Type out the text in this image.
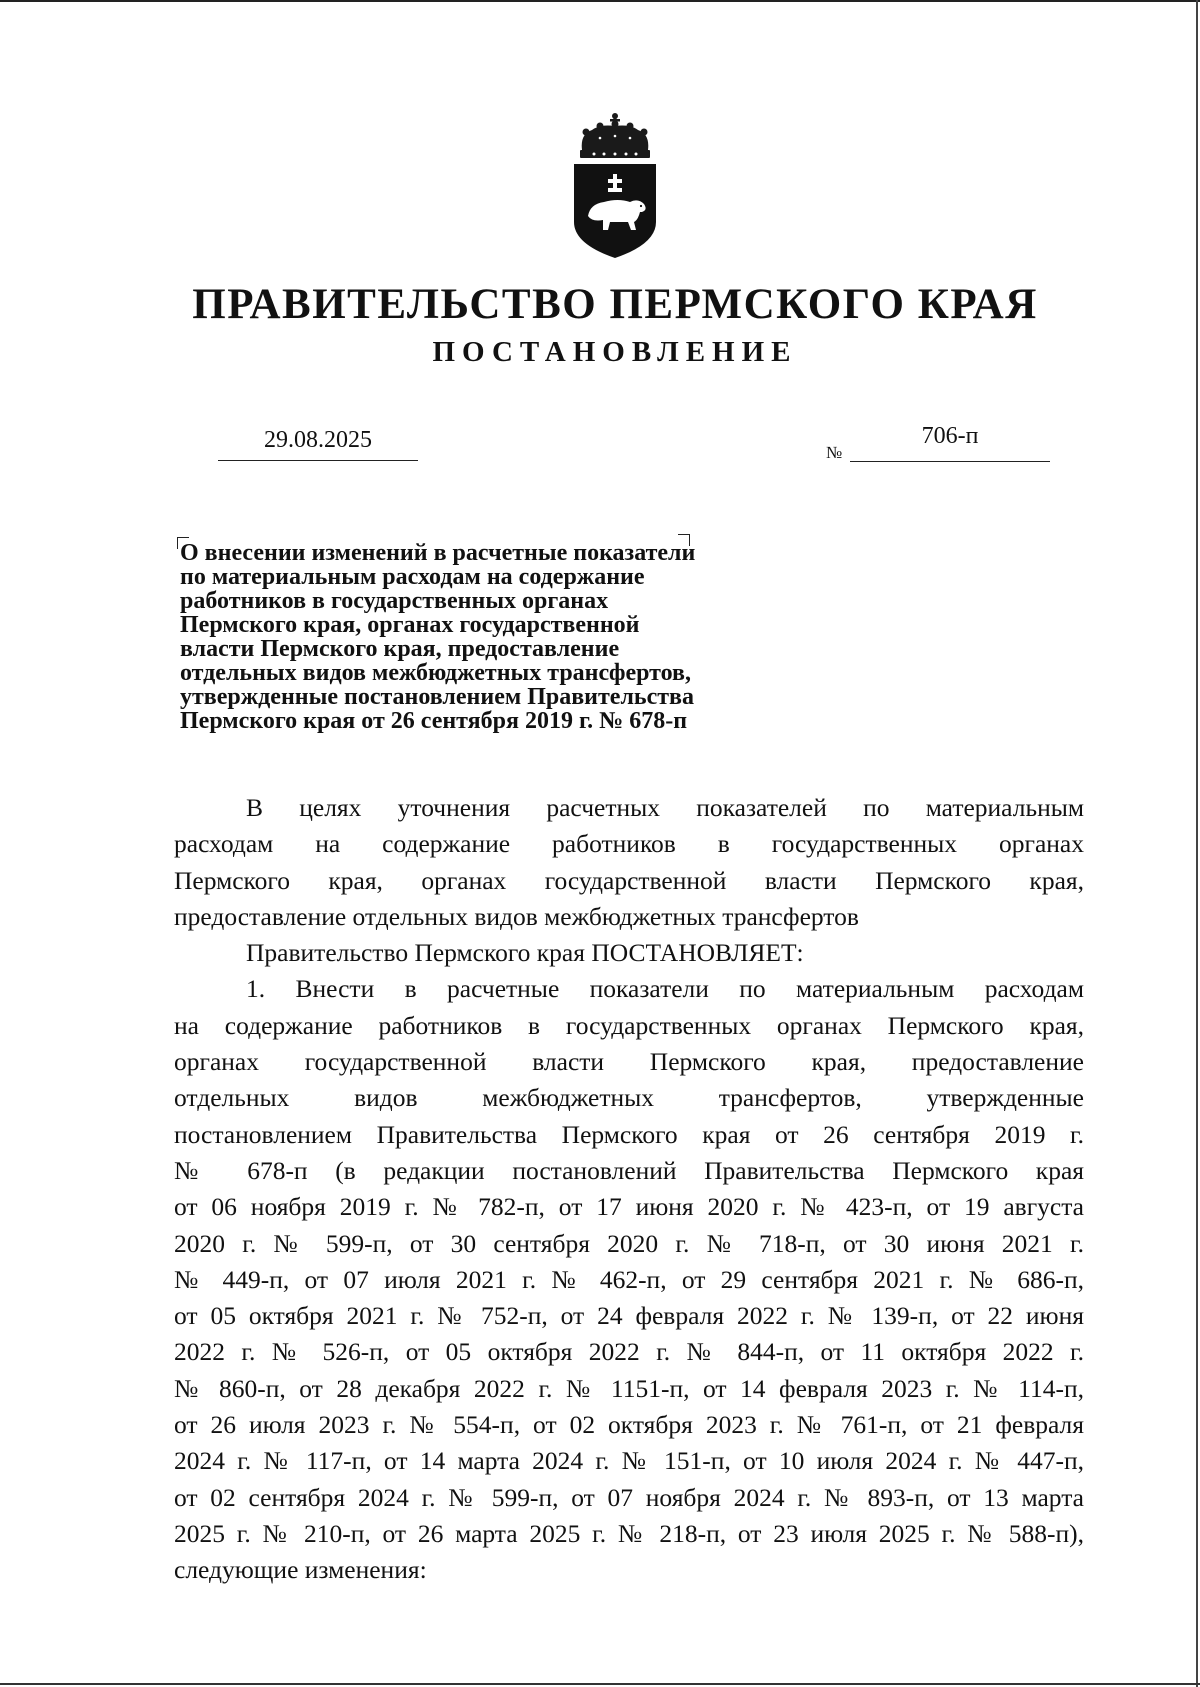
ПРАВИТЕЛЬСТВО ПЕРМСКОГО КРАЯ
ПОСТАНОВЛЕНИЕ
29.08.2025	№
706-п
О внесении изменений в расчетные показатели
по материальным расходам на содержание
работников в государственных органах
Пермского края, органах государственной
власти Пермского края, предоставление
отдельных видов межбюджетных трансфертов,
утвержденные постановлением Правительства
Пермского края от 26 сентября 2019 г. № 678-п
В целях уточнения расчетных показателей по материальным
расходам на содержание работников в государственных органах
Пермского края, органах государственной власти Пермского края,
предоставление отдельных видов межбюджетных трансфертов
Правительство Пермского края ПОСТАНОВЛЯЕТ:
1. Внести в расчетные показатели по материальным расходам
на содержание работников в государственных органах Пермского края,
органах государственной власти Пермского края, предоставление
отдельных видов межбюджетных трансфертов, утвержденные
постановлением Правительства Пермского края от 26 сентября 2019 г.
№ 678-п (в редакции постановлений Правительства Пермского края
от 06 ноября 2019 г. № 782-п, от 17 июня 2020 г. № 423-п, от 19 августа
2020 г. № 599-п, от 30 сентября 2020 г. № 718-п, от 30 июня 2021 г.
№ 449-п, от 07 июля 2021 г. № 462-п, от 29 сентября 2021 г. № 686-п,
от 05 октября 2021 г. № 752-п, от 24 февраля 2022 г. № 139-п, от 22 июня
2022 г. № 526-п, от 05 октября 2022 г. № 844-п, от 11 октября 2022 г.
№ 860-п, от 28 декабря 2022 г. № 1151-п, от 14 февраля 2023 г. № 114-п,
от 26 июля 2023 г. № 554-п, от 02 октября 2023 г. № 761-п, от 21 февраля
2024 г. № 117-п, от 14 марта 2024 г. № 151-п, от 10 июля 2024 г. № 447-п,
от 02 сентября 2024 г. № 599-п, от 07 ноября 2024 г. № 893-п, от 13 марта
2025 г. № 210-п, от 26 марта 2025 г. № 218-п, от 23 июля 2025 г. № 588-п),
следующие изменения:
